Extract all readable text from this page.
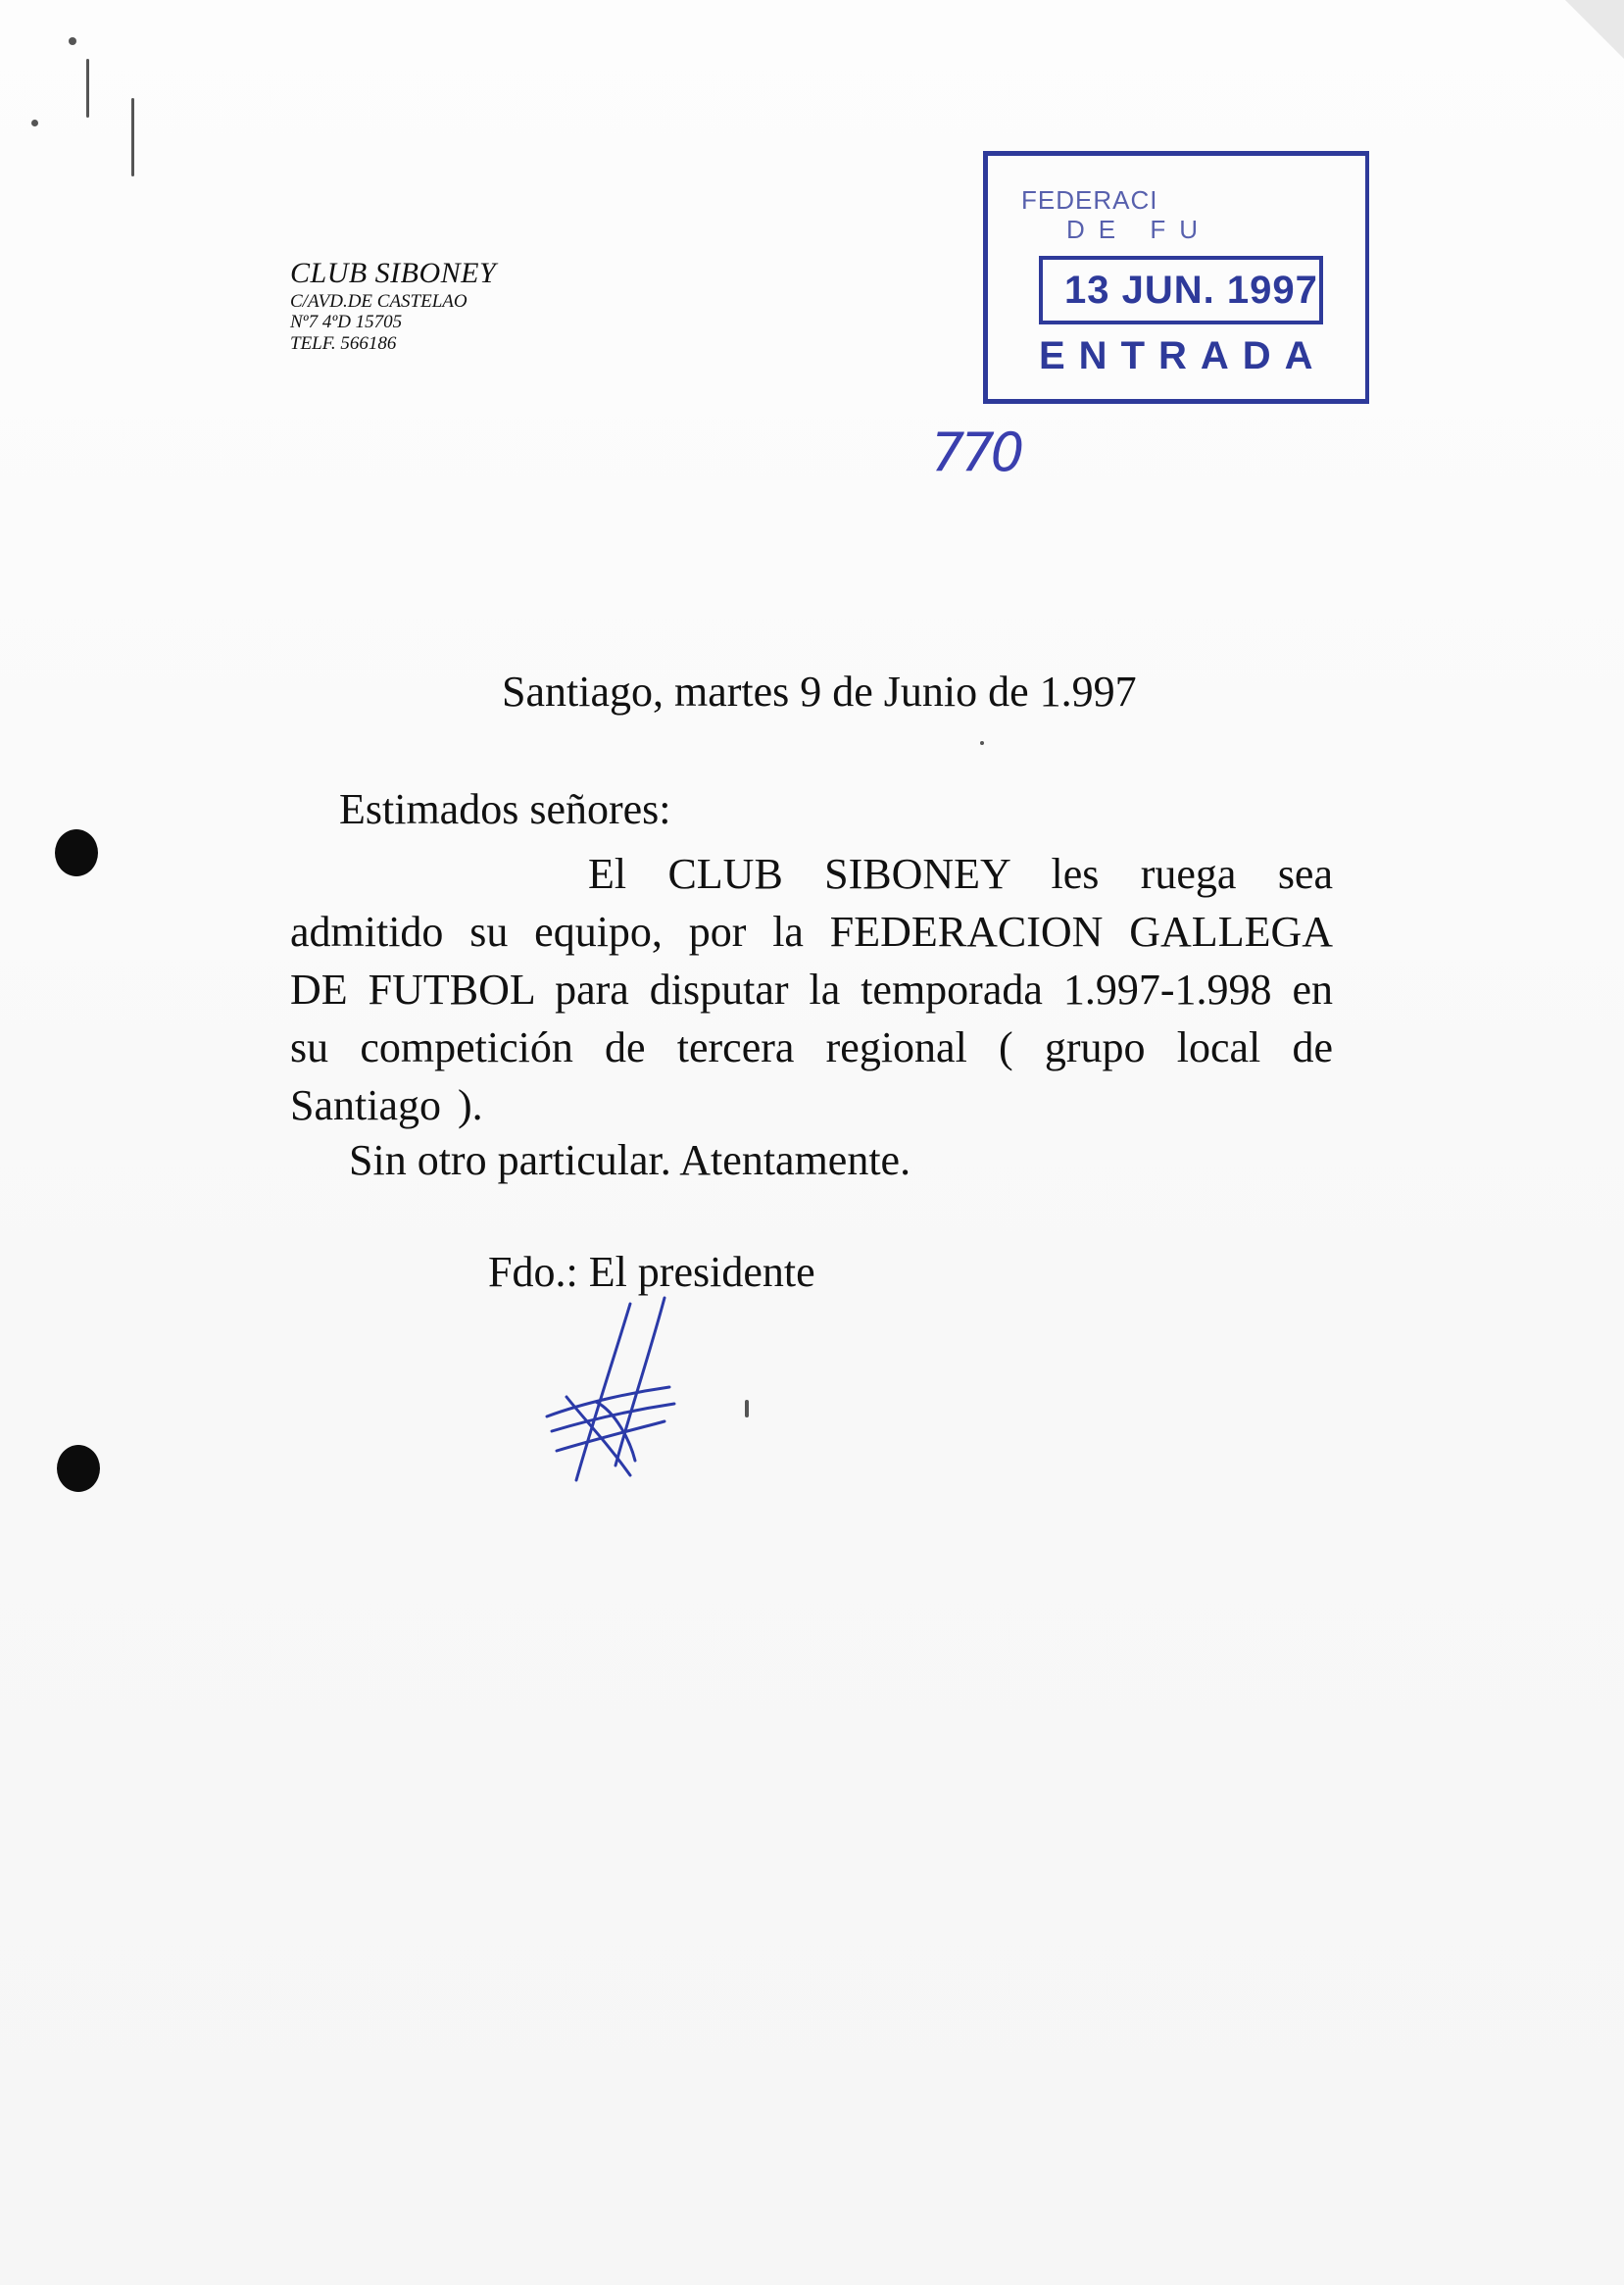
CLUB SIBONEY
C/AVD.DE CASTELAO
Nº7 4ºD 15705
TELF. 566186
FEDERACI
DE FU
13 JUN. 1997
ENTRADA
770
Santiago, martes 9 de Junio de 1.997
Estimados señores:
El CLUB SIBONEY les ruega sea admitido su equipo, por la FEDERACION GALLEGA DE FUTBOL para disputar la temporada 1.997-1.998 en su competición de tercera regional ( grupo local de Santiago ).
Sin otro particular. Atentamente.
Fdo.: El presidente
